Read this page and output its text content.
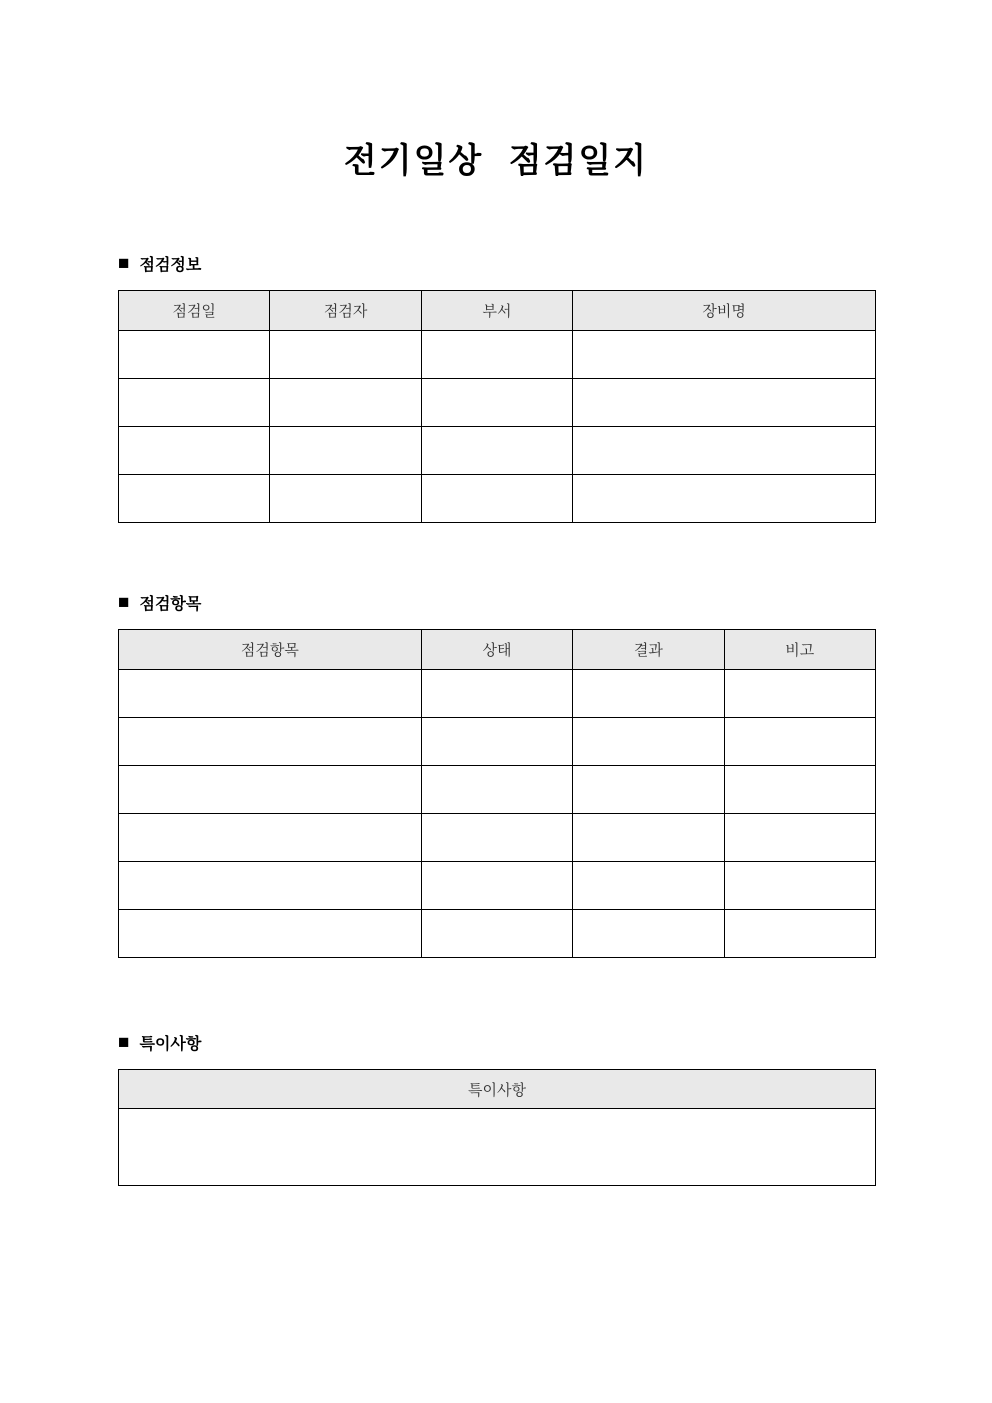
전기일상 점검일지
■ 점검정보
점검일	점검자	부서	장비명

■ 점검항목
점검항목	상태	결과	비고

■ 특이사항
특이사항
